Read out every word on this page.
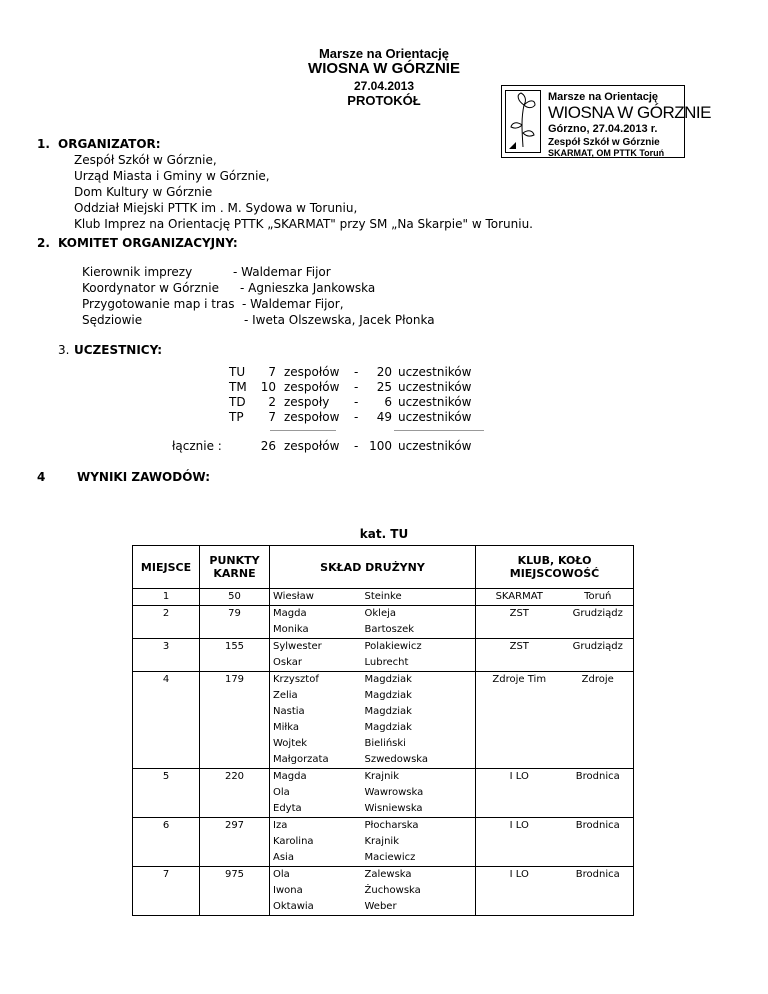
Marsze na Orientację
WIOSNA W GÓRZNIE
27.04.2013
PROTOKÓŁ	Marsze na Orientację
WIOSNA W GÓRZNIE
Górzno, 27.04.2013 r.
Zespół Szkół w Górznie
SKARMAT, OM PTTK Toruń
1. ORGANIZATOR:
Zespół Szkół w Górznie,
Urząd Miasta i Gminy w Górznie,
Dom Kultury w Górznie
Oddział Miejski PTTK im . M. Sydowa w Toruniu,
Klub Imprez na Orientację PTTK „SKARMAT" przy SM „Na Skarpie" w Toruniu.
2. KOMITET ORGANIZACYJNY:
Kierownik imprezy	- Waldemar Fijor
Koordynator w Górznie - Agnieszka Jankowska
Przygotowanie map i tras - Waldemar Fijor,
Sędziowie	- Iweta Olszewska, Jacek Płonka
3. UCZESTNICY:
TU	7 zespołów -	20 uczestników
TM	10 zespołów -	25 uczestników
TD	2 zespoły -	6 uczestników
TP	7 zespołow -	49 uczestników
łącznie :	26 zespołów - 100 uczestników
4	WYNIKI ZAWODÓW:
kat. TU
MIEJSCE	PUNKTY KARNE	SKŁAD DRUŻYNY		KLUB, KOŁO MIEJSCOWOŚĆ	
1	50	Wiesław	Steinke	SKARMAT	Toruń
2	79	Magda	Okleja	ZST	Grudziądz
		Monika	Bartoszek		
3	155	Sylwester	Polakiewicz	ZST	Grudziądz
		Oskar	Lubrecht		
4	179	Krzysztof	Magdziak	Zdroje Tim	Zdroje
		Zelia	Magdziak		
		Nastia	Magdziak		
		Miłka	Magdziak		
		Wojtek	Bieliński		
		Małgorzata	Szwedowska		
5	220	Magda	Krajnik	I LO	Brodnica
		Ola	Wawrowska		
		Edyta	Wisniewska		
6	297	Iza	Płocharska	I LO	Brodnica
		Karolina	Krajnik		
		Asia	Maciewicz		
7	975	Ola	Zalewska	I LO	Brodnica
		Iwona	Żuchowska		
		Oktawia	Weber		
